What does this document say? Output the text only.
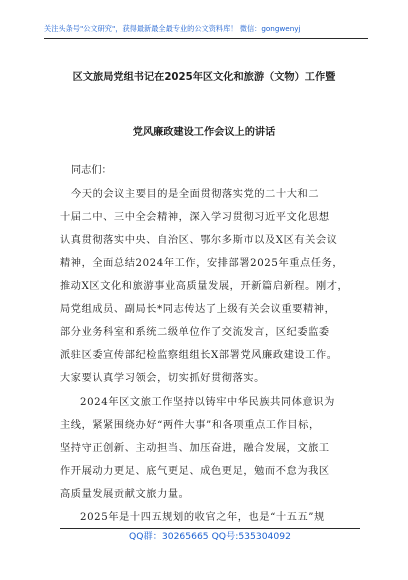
关注头条号"公文研究"，获得最新最全最专业的公文资料库！ 微信：gongwenyj
区文旅局党组书记在2025年区文化和旅游（文物）工作暨
党风廉政建设工作会议上的讲话
同志们：
今天的会议主要目的是全面贯彻落实党的二十大和二
十届二中、三中全会精神，深入学习贯彻习近平文化思想
认真贯彻落实中央、自治区、鄂尔多斯市以及X区有关会议
精神，全面总结2024年工作，安排部署2025年重点任务，
推动X区文化和旅游事业高质量发展，开新篇启新程。刚才，
局党组成员、副局长*同志传达了上级有关会议重要精神，
部分业务科室和系统二级单位作了交流发言，区纪委监委
派驻区委宣传部纪检监察组组长X部署党风廉政建设工作。
大家要认真学习领会，切实抓好贯彻落实。
2024年区文旅工作坚持以铸牢中华民族共同体意识为
主线，紧紧围绕办好“两件大事”和各项重点工作目标，
坚持守正创新、主动担当、加压奋进，融合发展，文旅工
作开展动力更足、底气更足、成色更足，勉而不怠为我区
高质量发展贡献文旅力量。
2025年是十四五规划的收官之年，也是“十五五”规
QQ群：30265665 QQ号:535304092
